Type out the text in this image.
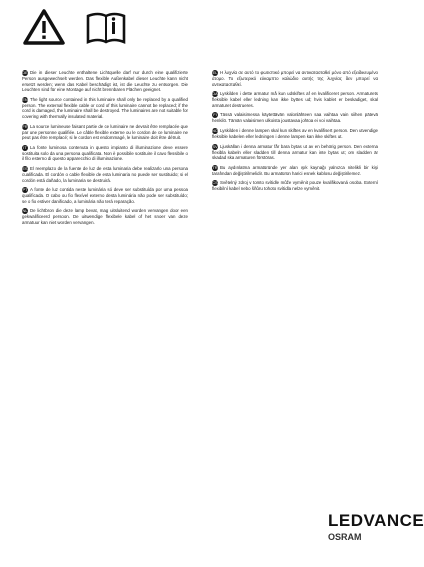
DE Die in dieser Leuchte enthaltene Lichtquelle darf nur durch eine qualifizierte Person ausgewechselt werden. Das flexible Außenkabel dieser Leuchte kann nicht ersetzt werden; wenn das Kabel beschädigt ist, ist die Leuchte zu entsorgen. Die Leuchten sind für eine Montage auf nicht brennbaren Flächen geeignet.

EN The light source contained in this luminaire shall only be replaced by a qualified person. The external flexible cable or cord of this luminaire cannot be replaced; if the cord is damaged, the luminaire shall be destroyed. The luminaires are not suitable for covering with thermally insulated material.

FR La source lumineuse faisant partie de ce luminaire ne devrait être remplacée que par une personne qualifiée. Le câble flexible externe ou le cordon de ce luminaire ne peut pas être remplacé; si le cordon est endommagé, le luminaire doit être détruit.

IT La fonte luminosa contenuta in questo impianto di illuminazione deve essere sostituita solo da una persona qualificata. Non è possibile sostituire il cavo flessibile o il filo esterno di questo apparecchio di illuminazione.

ES El reemplazo de la fuente de luz de esta luminaria debe realizarlo una persona cualificada. El cordón o cable flexible de esta luminaria no puede ser sustituido; si el cordón está dañado, la luminaria se destruirá.

PT A fonte de luz contida neste luminária só deve ser substituída por uma pessoa qualificada. O cabo ou fio flexível externo desta luminária não pode ser substituído; se o fio estiver danificado, a luminária não terá reparação.

NL De lichtbron die deze lamp bevat, mag uitsluitend worden vervangen door een gekwalificeerd persoon. De uitwendige flexibele kabel of het snoer van deze armatuur kan niet worden vervangen.

EL Η λυχνία σε αυτό το φωτιστικό μπορεί να αντικατασταθεί μόνο από εξειδικευμένο άτομο. Το εξωτερικό εύκαμπτο καλώδιο αυτής της λυχνίας δεν μπορεί να αντικατασταθεί.

DA Lyskilden i dette armatur må kun udskiftes af en kvalificeret person. Armaturets fleksible kabel eller ledning kan ikke byttes ud; hvis kablet er beskadiget, skal armaturet destrueres.

FI Tässä valaisimessa käytettävän valonlähteen saa vaihtaa vain siihen pätevä henkilö. Tämän valaisimen ulkoista joustavaa johtoa ei voi vaihtaa.

NO Lyskilden i denne lampen skal kun skiftes av en kvalifisert person. Den utvendige fleksible kabelen eller ledningen i denne lampen kan ikke skiftes ut.

SV Ljuskällan i denna armatur får bara bytas ut av en behörig person. Den externa flexibla kabeln eller sladden till denna armatur kan inte bytas ut; om sladden är skadad ska armaturen förstöras.

TR Bu aydınlatma armatüründe yer alan ışık kaynağı yalnızca nitelikli bir kişi tarafından değiştirilmelidir. Bu armatürün harici esnek kablosu değiştirilemez.

CS Světelný zdroj v tomto svítidle může vyměnit pouze kvalifikovaná osoba. Externí flexibilní kabel nebo šňůru tohoto svítidla nelze vyměnit.

LEDVANCE
OSRAM
